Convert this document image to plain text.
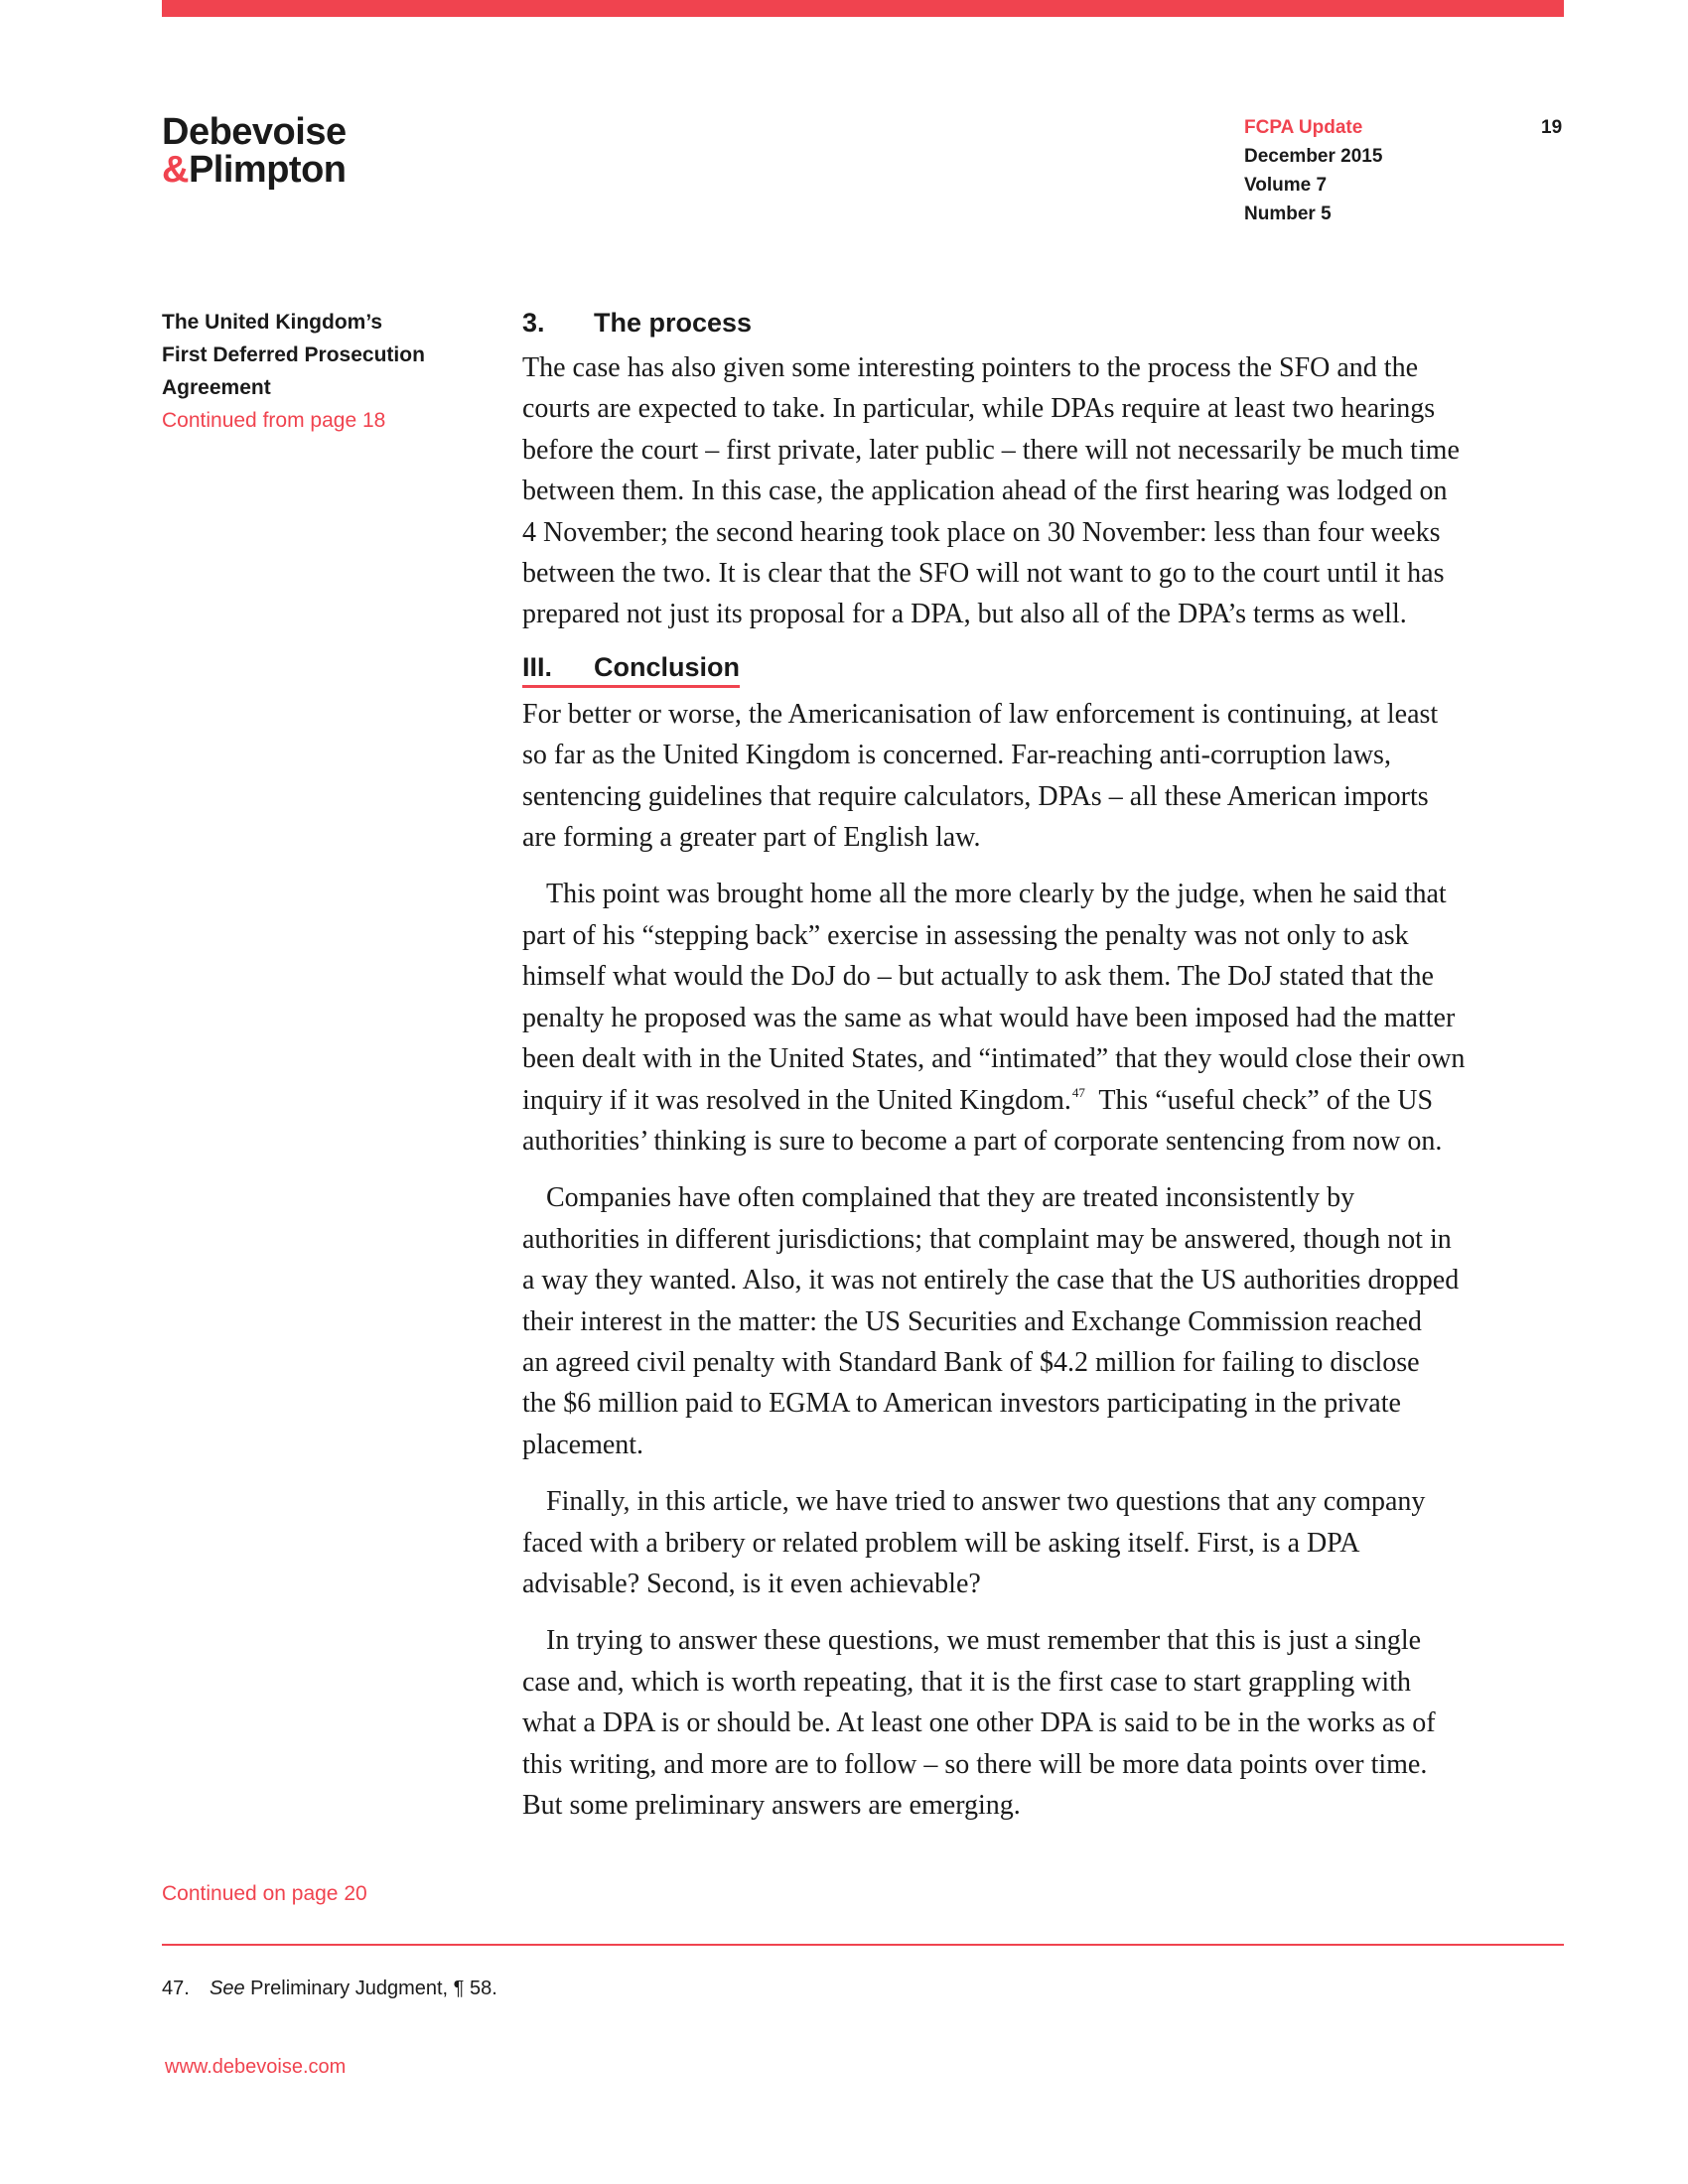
Debevoise
&Plimpton
FCPA Update
December 2015
Volume 7
Number 5
19
The United Kingdom’s
First Deferred Prosecution
Agreement
Continued from page 18
3. The process

The case has also given some interesting pointers to the process the SFO and the
courts are expected to take. In particular, while DPAs require at least two hearings
before the court – first private, later public – there will not necessarily be much time
between them. In this case, the application ahead of the first hearing was lodged on
4 November; the second hearing took place on 30 November: less than four weeks
between the two. It is clear that the SFO will not want to go to the court until it has
prepared not just its proposal for a DPA, but also all of the DPA’s terms as well.

III. Conclusion

For better or worse, the Americanisation of law enforcement is continuing, at least
so far as the United Kingdom is concerned. Far-reaching anti-corruption laws,
sentencing guidelines that require calculators, DPAs – all these American imports
are forming a greater part of English law.

This point was brought home all the more clearly by the judge, when he said that
part of his “stepping back” exercise in assessing the penalty was not only to ask
himself what would the DoJ do – but actually to ask them. The DoJ stated that the
penalty he proposed was the same as what would have been imposed had the matter
been dealt with in the United States, and “intimated” that they would close their own
inquiry if it was resolved in the United Kingdom.$^{47}$  This “useful check” of the US
authorities’ thinking is sure to become a part of corporate sentencing from now on.

Companies have often complained that they are treated inconsistently by
authorities in different jurisdictions; that complaint may be answered, though not in
a way they wanted. Also, it was not entirely the case that the US authorities dropped
their interest in the matter: the US Securities and Exchange Commission reached
an agreed civil penalty with Standard Bank of $4.2 million for failing to disclose
the $6 million paid to EGMA to American investors participating in the private
placement.

Finally, in this article, we have tried to answer two questions that any company
faced with a bribery or related problem will be asking itself. First, is a DPA
advisable? Second, is it even achievable?

In trying to answer these questions, we must remember that this is just a single
case and, which is worth repeating, that it is the first case to start grappling with
what a DPA is or should be. At least one other DPA is said to be in the works as of
this writing, and more are to follow – so there will be more data points over time.
But some preliminary answers are emerging.

Continued on page 20
47. See Preliminary Judgment, ¶ 58.
www.debevoise.com
